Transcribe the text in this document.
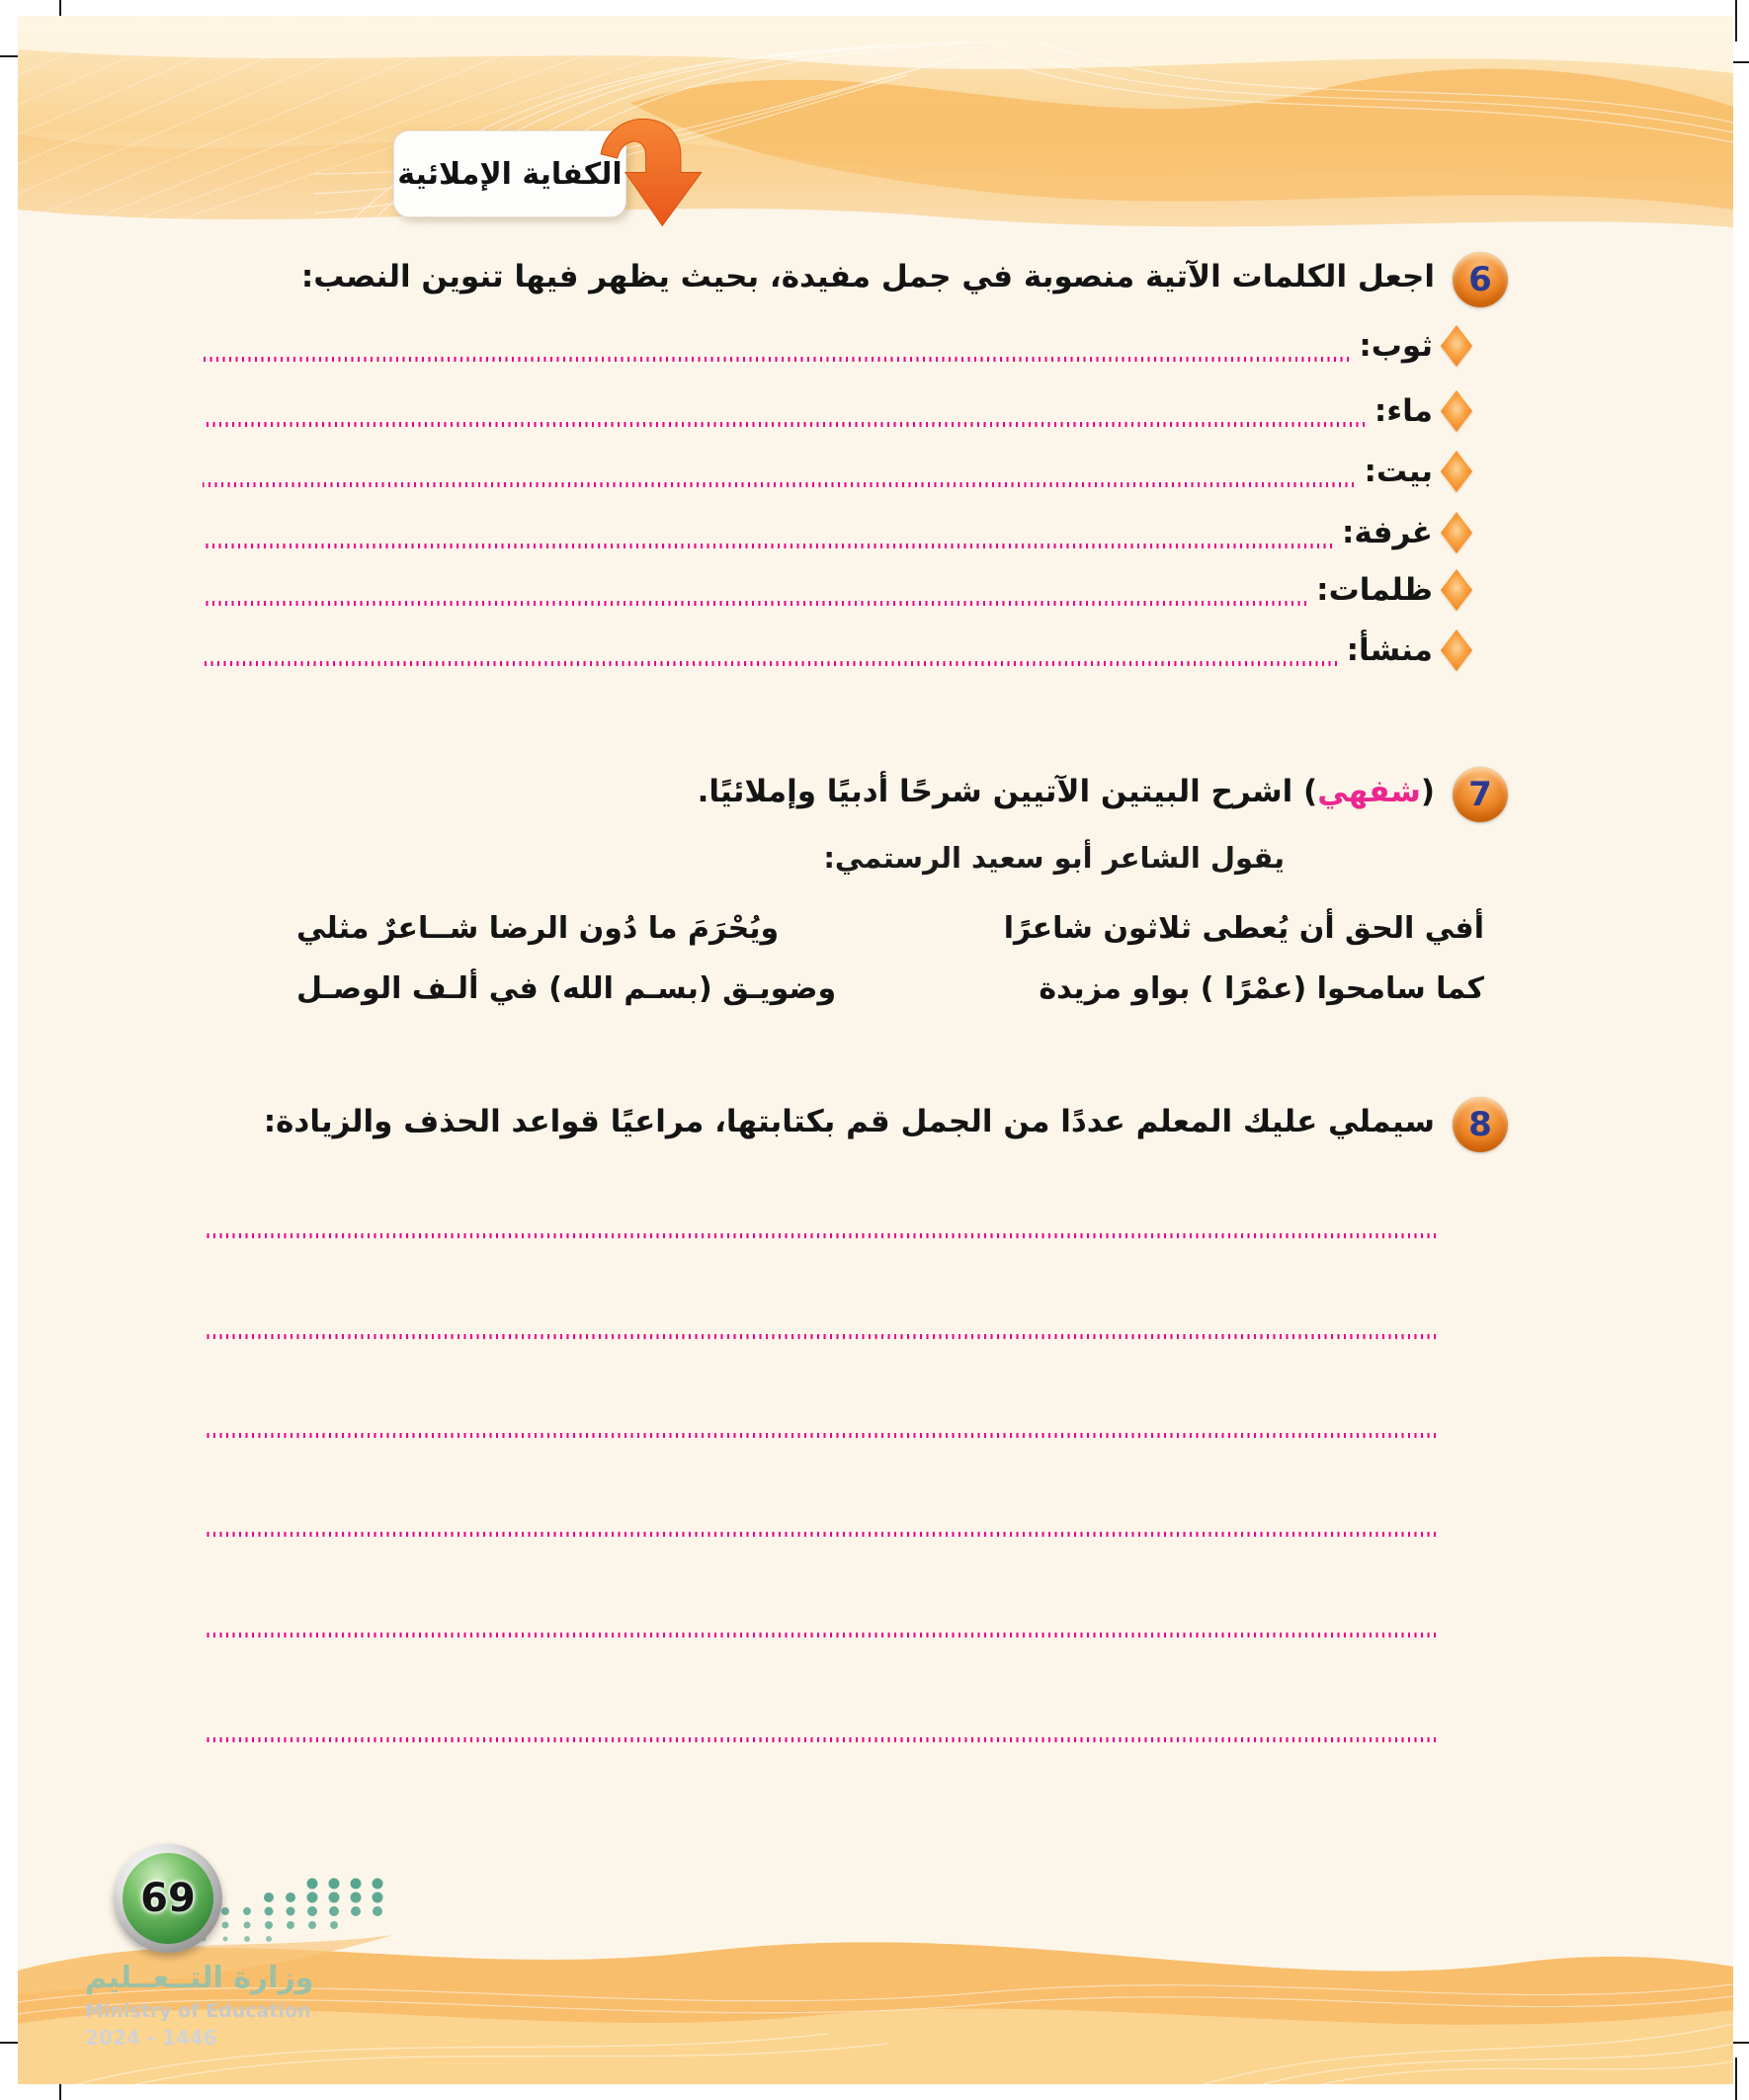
الكفاية الإملائية
6
اجعل الكلمات الآتية منصوبة في جمل مفيدة، بحيث يظهر فيها تنوين النصب:
ثوب:
ماء:
بيت:
غرفة:
ظلمات:
منشأ:
7
(شفهي) اشرح البيتين الآتيين شرحًا أدبيًا وإملائيًا.
يقول الشاعر أبو سعيد الرستمي:
أفي الحق أن يُعطى ثلاثون شاعرًا
ويُحْرَمَ ما دُون الرضا شــاعرٌ مثلي
كما سامحوا (عمْرًا ) بواو مزيدة
وضويـق (بسـم الله) في ألـف الوصـل
8
سيملي عليك المعلم عددًا من الجمل قم بكتابتها، مراعيًا قواعد الحذف والزيادة:
69
وزارة التــعــليم
Ministry of Education
2024 - 1446
